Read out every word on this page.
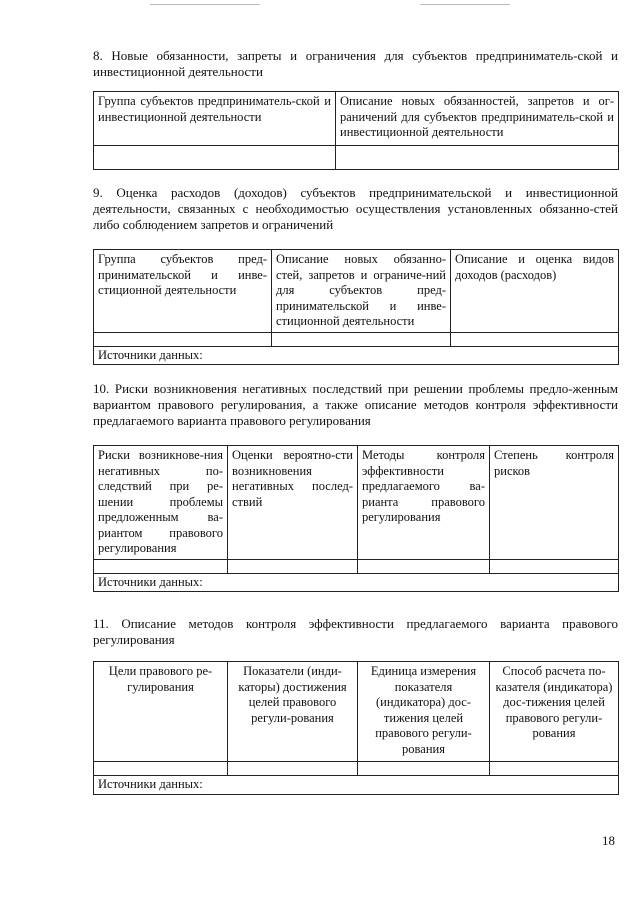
8. Новые обязанности, запреты и ограничения для субъектов предприниматель-ской и инвестиционной деятельности

Группа субъектов предприниматель-ской и инвестиционной деятельности	Описание новых обязанностей, запретов и ог-раничений для субъектов предприниматель-ской и инвестиционной деятельности

9. Оценка расходов (доходов) субъектов предпринимательской и инвестиционной деятельности, связанных с необходимостью осуществления установленных обязанно-стей либо соблюдением запретов и ограничений

Группа субъектов пред-принимательской и инве-стиционной деятельности	Описание новых обязанно-стей, запретов и ограниче-ний для субъектов пред-принимательской и инве-стиционной деятельности	Описание и оценка видов доходов (расходов)

Источники данных:		

10. Риски возникновения негативных последствий при решении проблемы предло-женным вариантом правового регулирования, а также описание методов контроля эффективности предлагаемого варианта правового регулирования

Риски возникнове-ния негативных по-следствий при ре-шении проблемы предложенным ва-риантом правового регулирования	Оценки вероятно-сти возникновения негативных послед-ствий	Методы контроля эффективности предлагаемого ва-рианта правового регулирования	Степень контроля рисков

Источники данных:			

11. Описание методов контроля эффективности предлагаемого варианта правового регулирования

Цели правового ре-гулирования	Показатели (инди-каторы) достижения целей правового регули-рования	Единица измерения показателя (индикатора) дос-тижения целей правового регули-рования	Способ расчета по-казателя (индикатора) дос-тижения целей правового регули-рования

Источники данных:			
18
